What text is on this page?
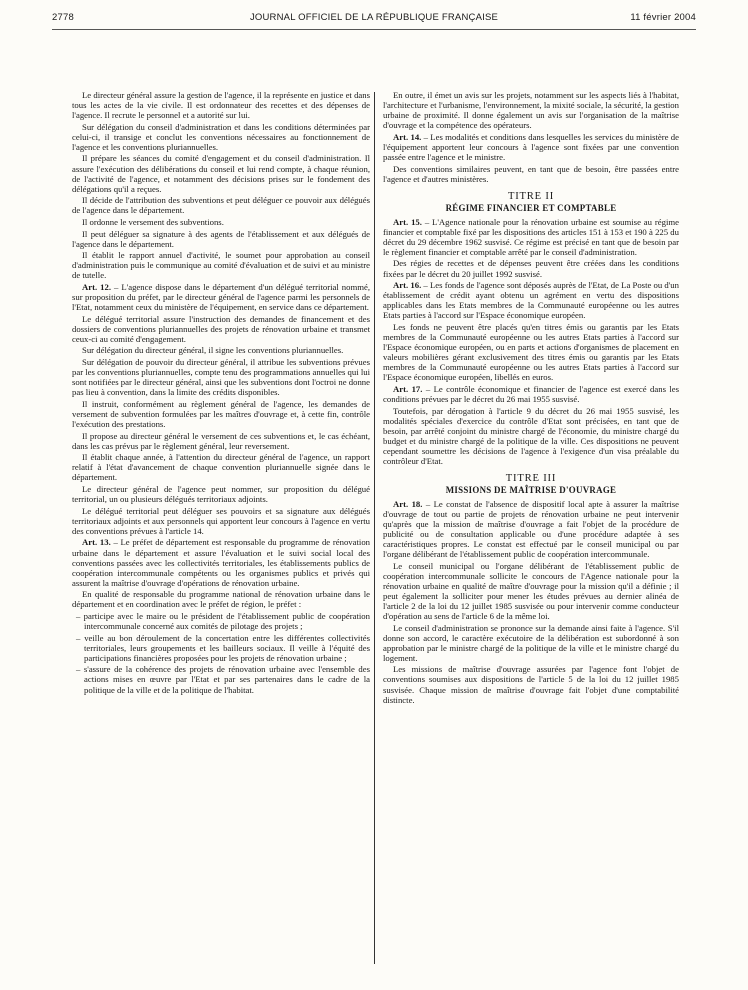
2778	JOURNAL OFFICIEL DE LA RÉPUBLIQUE FRANÇAISE	11 février 2004

Le directeur général assure la gestion de l'agence, il la représente en justice et dans tous les actes de la vie civile. Il est ordonnateur des recettes et des dépenses de l'agence. Il recrute le personnel et a autorité sur lui.

Sur délégation du conseil d'administration et dans les conditions déterminées par celui-ci, il transige et conclut les conventions nécessaires au fonctionnement de l'agence et les conventions pluriannuelles.

Il prépare les séances du comité d'engagement et du conseil d'administration. Il assure l'exécution des délibérations du conseil et lui rend compte, à chaque réunion, de l'activité de l'agence, et notamment des décisions prises sur le fondement des délégations qu'il a reçues.

Il décide de l'attribution des subventions et peut déléguer ce pouvoir aux délégués de l'agence dans le département.

Il ordonne le versement des subventions.

Il peut déléguer sa signature à des agents de l'établissement et aux délégués de l'agence dans le département.

Il établit le rapport annuel d'activité, le soumet pour approbation au conseil d'administration puis le communique au comité d'évaluation et de suivi et au ministre de tutelle.

Art. 12. – L'agence dispose dans le département d'un délégué territorial nommé, sur proposition du préfet, par le directeur général de l'agence parmi les personnels de l'Etat, notamment ceux du ministère de l'équipement, en service dans ce département.

Le délégué territorial assure l'instruction des demandes de financement et des dossiers de conventions pluriannuelles des projets de rénovation urbaine et transmet ceux-ci au comité d'engagement.

Sur délégation du directeur général, il signe les conventions pluriannuelles.

Sur délégation de pouvoir du directeur général, il attribue les subventions prévues par les conventions pluriannuelles, compte tenu des programmations annuelles qui lui sont notifiées par le directeur général, ainsi que les subventions dont l'octroi ne donne pas lieu à convention, dans la limite des crédits disponibles.

Il instruit, conformément au règlement général de l'agence, les demandes de versement de subvention formulées par les maîtres d'ouvrage et, à cette fin, contrôle l'exécution des prestations.

Il propose au directeur général le versement de ces subventions et, le cas échéant, dans les cas prévus par le règlement général, leur reversement.

Il établit chaque année, à l'attention du directeur général de l'agence, un rapport relatif à l'état d'avancement de chaque convention pluriannuelle signée dans le département.

Le directeur général de l'agence peut nommer, sur proposition du délégué territorial, un ou plusieurs délégués territoriaux adjoints.

Le délégué territorial peut déléguer ses pouvoirs et sa signature aux délégués territoriaux adjoints et aux personnels qui apportent leur concours à l'agence en vertu des conventions prévues à l'article 14.

Art. 13. – Le préfet de département est responsable du programme de rénovation urbaine dans le département et assure l'évaluation et le suivi social local des conventions passées avec les collectivités territoriales, les établissements publics de coopération intercommunale compétents ou les organismes publics et privés qui assurent la maîtrise d'ouvrage d'opérations de rénovation urbaine.

En qualité de responsable du programme national de rénovation urbaine dans le département et en coordination avec le préfet de région, le préfet :

– participe avec le maire ou le président de l'établissement public de coopération intercommunale concerné aux comités de pilotage des projets ;

– veille au bon déroulement de la concertation entre les différentes collectivités territoriales, leurs groupements et les bailleurs sociaux. Il veille à l'équité des participations financières proposées pour les projets de rénovation urbaine ;

– s'assure de la cohérence des projets de rénovation urbaine avec l'ensemble des actions mises en œuvre par l'Etat et par ses partenaires dans le cadre de la politique de la ville et de la politique de l'habitat.

En outre, il émet un avis sur les projets, notamment sur les aspects liés à l'habitat, l'architecture et l'urbanisme, l'environnement, la mixité sociale, la sécurité, la gestion urbaine de proximité. Il donne également un avis sur l'organisation de la maîtrise d'ouvrage et la compétence des opérateurs.

Art. 14. – Les modalités et conditions dans lesquelles les services du ministère de l'équipement apportent leur concours à l'agence sont fixées par une convention passée entre l'agence et le ministre.

Des conventions similaires peuvent, en tant que de besoin, être passées entre l'agence et d'autres ministères.

TITRE II
RÉGIME FINANCIER ET COMPTABLE

Art. 15. – L'Agence nationale pour la rénovation urbaine est soumise au régime financier et comptable fixé par les dispositions des articles 151 à 153 et 190 à 225 du décret du 29 décembre 1962 susvisé. Ce régime est précisé en tant que de besoin par le règlement financier et comptable arrêté par le conseil d'administration.

Des régies de recettes et de dépenses peuvent être créées dans les conditions fixées par le décret du 20 juillet 1992 susvisé.

Art. 16. – Les fonds de l'agence sont déposés auprès de l'Etat, de La Poste ou d'un établissement de crédit ayant obtenu un agrément en vertu des dispositions applicables dans les Etats membres de la Communauté européenne ou les autres Etats parties à l'accord sur l'Espace économique européen.

Les fonds ne peuvent être placés qu'en titres émis ou garantis par les Etats membres de la Communauté européenne ou les autres Etats parties à l'accord sur l'Espace économique européen, ou en parts et actions d'organismes de placement en valeurs mobilières gérant exclusivement des titres émis ou garantis par les Etats membres de la Communauté européenne ou les autres Etats parties à l'accord sur l'Espace économique européen, libellés en euros.

Art. 17. – Le contrôle économique et financier de l'agence est exercé dans les conditions prévues par le décret du 26 mai 1955 susvisé.

Toutefois, par dérogation à l'article 9 du décret du 26 mai 1955 susvisé, les modalités spéciales d'exercice du contrôle d'Etat sont précisées, en tant que de besoin, par arrêté conjoint du ministre chargé de l'économie, du ministre chargé du budget et du ministre chargé de la politique de la ville. Ces dispositions ne peuvent cependant soumettre les décisions de l'agence à l'exigence d'un visa préalable du contrôleur d'Etat.

TITRE III
MISSIONS DE MAÎTRISE D'OUVRAGE

Art. 18. – Le constat de l'absence de dispositif local apte à assurer la maîtrise d'ouvrage de tout ou partie de projets de rénovation urbaine ne peut intervenir qu'après que la mission de maîtrise d'ouvrage a fait l'objet de la procédure de publicité ou de consultation applicable ou d'une procédure adaptée à ses caractéristiques propres. Le constat est effectué par le conseil municipal ou par l'organe délibérant de l'établissement public de coopération intercommunale.

Le conseil municipal ou l'organe délibérant de l'établissement public de coopération intercommunale sollicite le concours de l'Agence nationale pour la rénovation urbaine en qualité de maître d'ouvrage pour la mission qu'il a définie ; il peut également la solliciter pour mener les études prévues au dernier alinéa de l'article 2 de la loi du 12 juillet 1985 susvisée ou pour intervenir comme conducteur d'opération au sens de l'article 6 de la même loi.

Le conseil d'administration se prononce sur la demande ainsi faite à l'agence. S'il donne son accord, le caractère exécutoire de la délibération est subordonné à son approbation par le ministre chargé de la politique de la ville et le ministre chargé du logement.

Les missions de maîtrise d'ouvrage assurées par l'agence font l'objet de conventions soumises aux dispositions de l'article 5 de la loi du 12 juillet 1985 susvisée. Chaque mission de maîtrise d'ouvrage fait l'objet d'une comptabilité distincte.
